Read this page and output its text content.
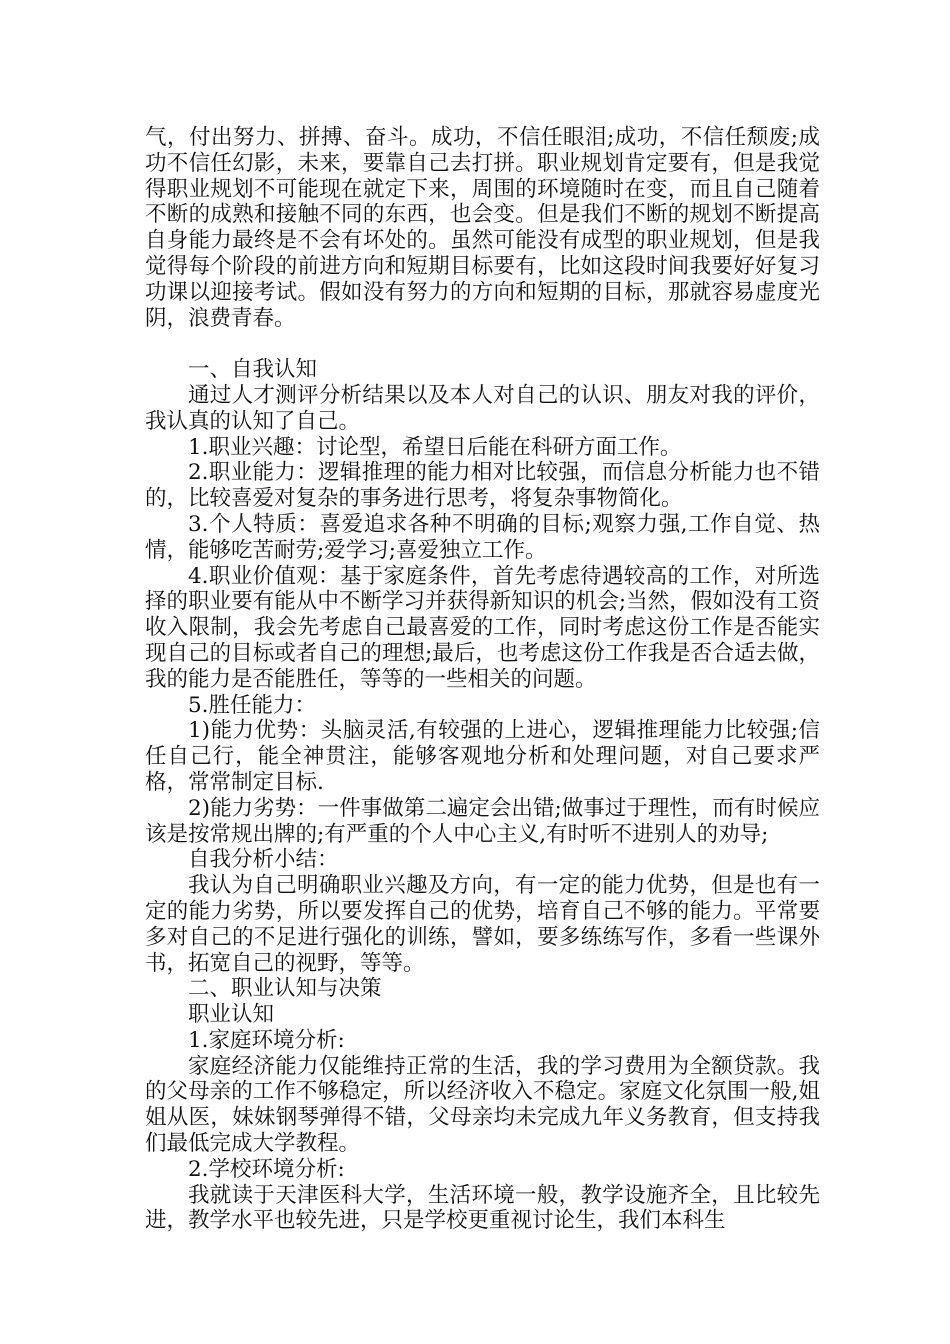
气，付出努力、拼搏、奋斗。成功，不信任眼泪;成功，不信任颓废;成功不信任幻影，未来，要靠自己去打拼。职业规划肯定要有，但是我觉得职业规划不可能现在就定下来，周围的环境随时在变，而且自己随着不断的成熟和接触不同的东西，也会变。但是我们不断的规划不断提高自身能力最终是不会有坏处的。虽然可能没有成型的职业规划，但是我觉得每个阶段的前进方向和短期目标要有，比如这段时间我要好好复习功课以迎接考试。假如没有努力的方向和短期的目标，那就容易虚度光阴，浪费青春。

一、自我认知

通过人才测评分析结果以及本人对自己的认识、朋友对我的评价，我认真的认知了自己。

1.职业兴趣：讨论型，希望日后能在科研方面工作。

2.职业能力：逻辑推理的能力相对比较强，而信息分析能力也不错的，比较喜爱对复杂的事务进行思考，将复杂事物简化。

3.个人特质：喜爱追求各种不明确的目标;观察力强,工作自觉、热情，能够吃苦耐劳;爱学习;喜爱独立工作。

4.职业价值观：基于家庭条件，首先考虑待遇较高的工作，对所选择的职业要有能从中不断学习并获得新知识的机会;当然，假如没有工资收入限制，我会先考虑自己最喜爱的工作，同时考虑这份工作是否能实现自己的目标或者自己的理想;最后，也考虑这份工作我是否合适去做，我的能力是否能胜任，等等的一些相关的问题。

5.胜任能力：

1)能力优势：头脑灵活,有较强的上进心，逻辑推理能力比较强;信任自己行，能全神贯注，能够客观地分析和处理问题，对自己要求严格，常常制定目标.

2)能力劣势：一件事做第二遍定会出错;做事过于理性，而有时候应该是按常规出牌的;有严重的个人中心主义,有时听不进别人的劝导;

自我分析小结：

我认为自己明确职业兴趣及方向，有一定的能力优势，但是也有一定的能力劣势，所以要发挥自己的优势，培育自己不够的能力。平常要多对自己的不足进行强化的训练，譬如，要多练练写作，多看一些课外书，拓宽自己的视野，等等。

二、职业认知与决策

职业认知

1.家庭环境分析:

家庭经济能力仅能维持正常的生活，我的学习费用为全额贷款。我的父母亲的工作不够稳定，所以经济收入不稳定。家庭文化氛围一般,姐姐从医，妹妹钢琴弹得不错，父母亲均未完成九年义务教育，但支持我们最低完成大学教程。

2.学校环境分析:

我就读于天津医科大学，生活环境一般，教学设施齐全，且比较先进，教学水平也较先进，只是学校更重视讨论生，我们本科生
